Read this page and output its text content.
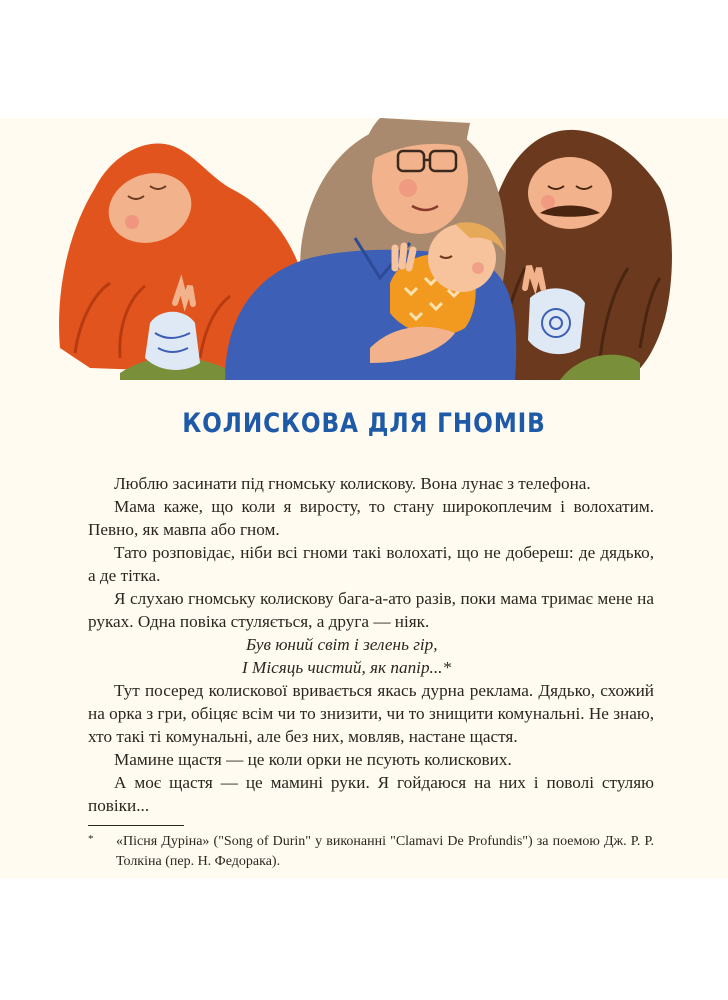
КОЛИСКОВА ДЛЯ ГНОМІВ

Люблю засинати під гномську колискову. Вона лунає з телефона.

Мама каже, що коли я виросту, то стану широкоплечим і волохатим. Певно, як мавпа або гном.

Тато розповідає, ніби всі гноми такі волохаті, що не добереш: де дядько, а де тітка.

Я слухаю гномську колискову бага-а-ато разів, поки мама тримає мене на руках. Одна повіка стуляється, а друга — ніяк.

Був юний світ і зелень гір,

І Місяць чистий, як папір...*

Тут посеред колискової вривається якась дурна реклама. Дядько, схожий на орка з гри, обіцяє всім чи то знизити, чи то знищити комунальні. Не знаю, хто такі ті комунальні, але без них, мовляв, настане щастя.

Мамине щастя — це коли орки не псують колискових.

А моє щастя — це мамині руки. Я гойдаюся на них і поволі стуляю повіки...

* «Пісня Дуріна» ("Song of Durin" у виконанні "Clamavi De Profundis") за поемою Дж. Р. Р. Толкіна (пер. Н. Федорака).
